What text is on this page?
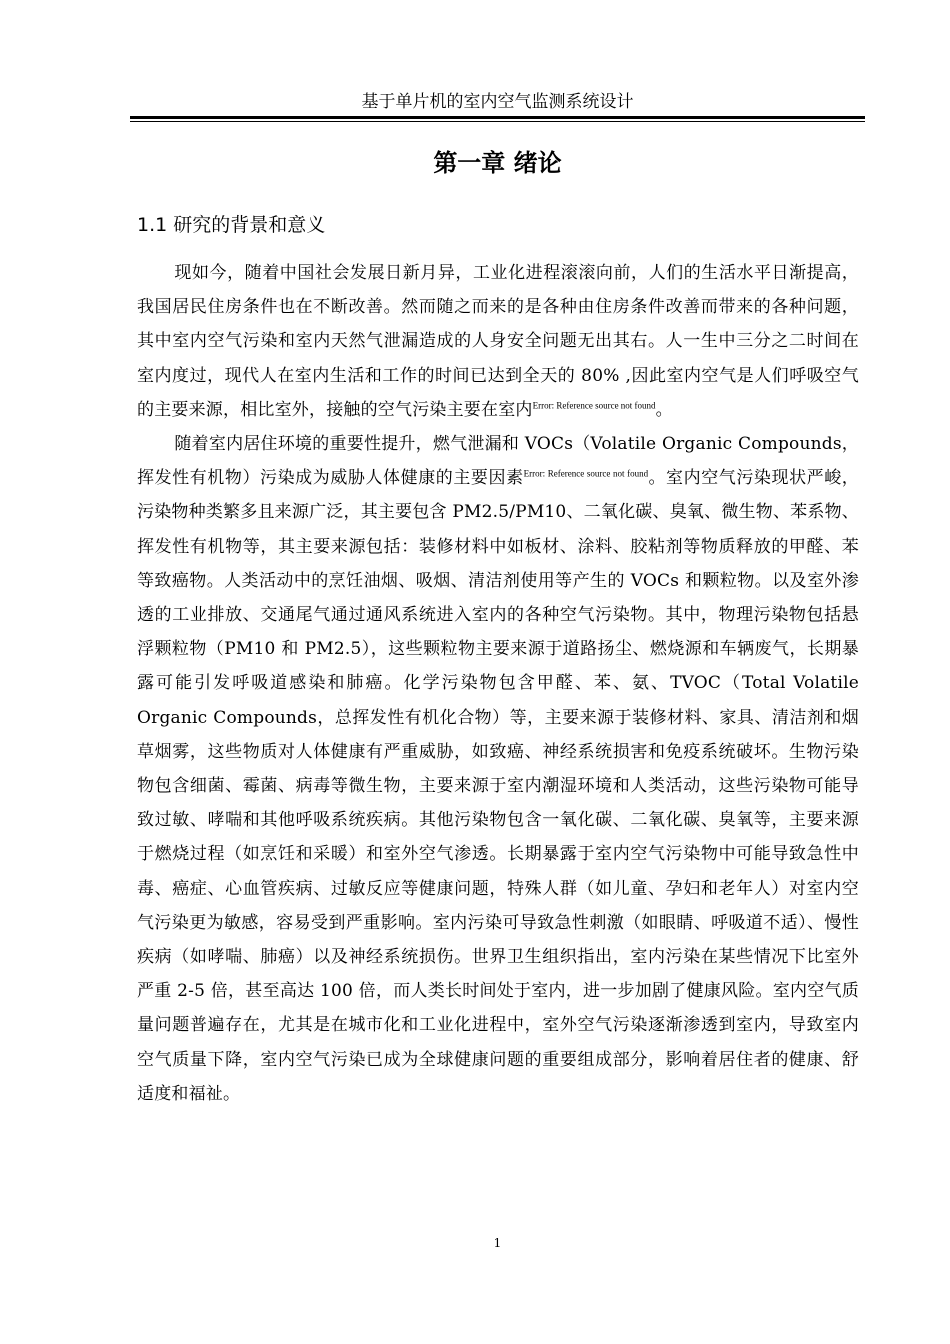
基于单片机的室内空气监测系统设计
第一章 绪论
1.1 研究的背景和意义

现如今，随着中国社会发展日新月异，工业化进程滚滚向前，人们的生活水平日渐提高，我国居民住房条件也在不断改善。然而随之而来的是各种由住房条件改善而带来的各种问题，其中室内空气污染和室内天然气泄漏造成的人身安全问题无出其右。人一生中三分之二时间在室内度过，现代人在室内生活和工作的时间已达到全天的 80% ,因此室内空气是人们呼吸空气的主要来源，相比室外，接触的空气污染主要在室内$^{Error: Reference source not found}$。

随着室内居住环境的重要性提升，燃气泄漏和 VOCs（Volatile Organic Compounds，挥发性有机物）污染成为威胁人体健康的主要因素$^{Error: Reference source not found}$。室内空气污染现状严峻，污染物种类繁多且来源广泛，其主要包含 PM2.5/PM10、二氧化碳、臭氧、微生物、苯系物、挥发性有机物等，其主要来源包括：装修材料中如板材、涂料、胶粘剂等物质释放的甲醛、苯等致癌物。人类活动中的烹饪油烟、吸烟、清洁剂使用等产生的 VOCs 和颗粒物。以及室外渗透的工业排放、交通尾气通过通风系统进入室内的各种空气污染物。其中，物理污染物包括悬浮颗粒物（PM10 和 PM2.5），这些颗粒物主要来源于道路扬尘、燃烧源和车辆废气，长期暴露可能引发呼吸道感染和肺癌。化学污染物包含甲醛、苯、氨、TVOC（Total Volatile Organic Compounds，总挥发性有机化合物）等，主要来源于装修材料、家具、清洁剂和烟草烟雾，这些物质对人体健康有严重威胁，如致癌、神经系统损害和免疫系统破坏。生物污染物包含细菌、霉菌、病毒等微生物，主要来源于室内潮湿环境和人类活动，这些污染物可能导致过敏、哮喘和其他呼吸系统疾病。其他污染物包含一氧化碳、二氧化碳、臭氧等，主要来源于燃烧过程（如烹饪和采暖）和室外空气渗透。长期暴露于室内空气污染物中可能导致急性中毒、癌症、心血管疾病、过敏反应等健康问题，特殊人群（如儿童、孕妇和老年人）对室内空气污染更为敏感，容易受到严重影响。室内污染可导致急性刺激（如眼睛、呼吸道不适）、慢性疾病（如哮喘、肺癌）以及神经系统损伤。世界卫生组织指出，室内污染在某些情况下比室外严重 2-5 倍，甚至高达 100 倍，而人类长时间处于室内，进一步加剧了健康风险。室内空气质量问题普遍存在，尤其是在城市化和工业化进程中，室外空气污染逐渐渗透到室内，导致室内空气质量下降，室内空气污染已成为全球健康问题的重要组成部分，影响着居住者的健康、舒适度和福祉。

1
